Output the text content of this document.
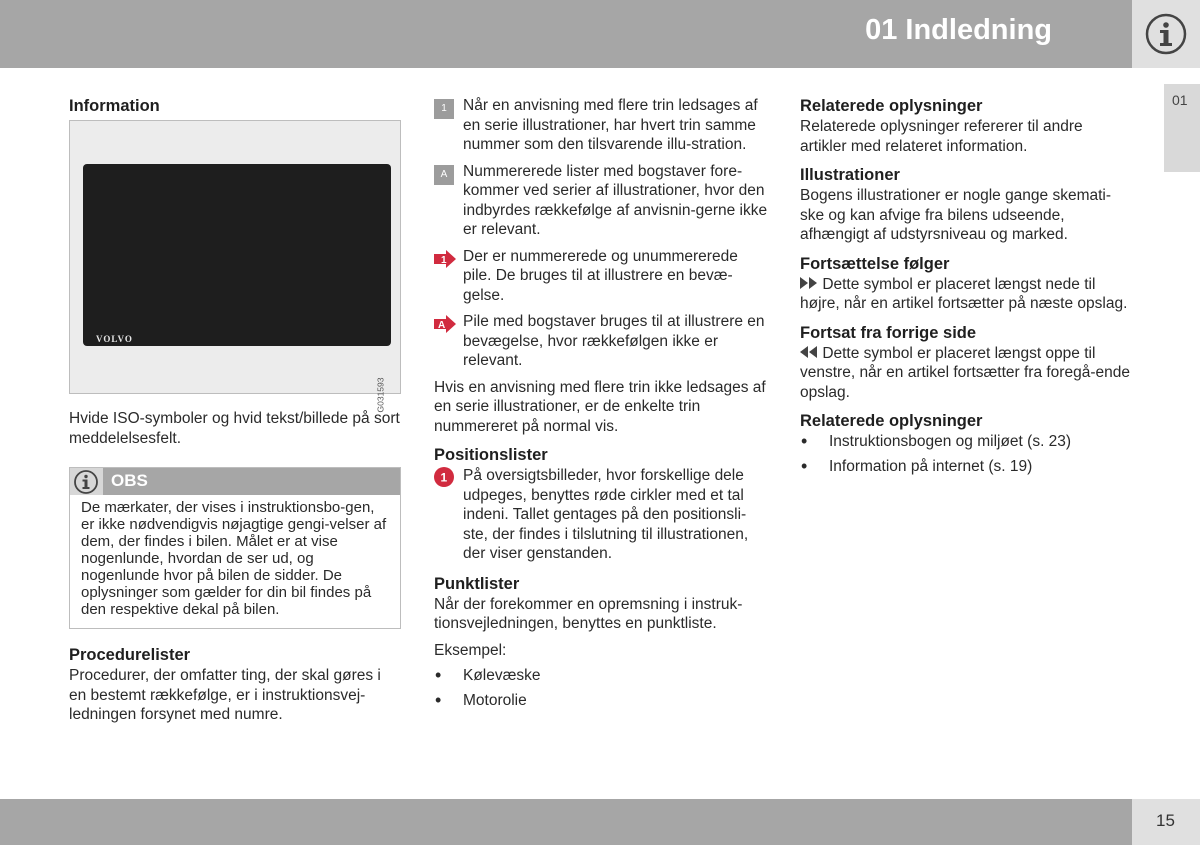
01 Indledning
01
Information
VOLVO
G031593

Hvide ISO-symboler og hvid tekst/billede på sort meddelelsesfelt.

OBS
De mærkater, der vises i instruktionsbo-gen, er ikke nødvendigvis nøjagtige gengi-velser af dem, der findes i bilen. Målet er at vise nogenlunde, hvordan de ser ud, og nogenlunde hvor på bilen de sidder. De oplysninger som gælder for din bil findes på den respektive dekal på bilen.
Procedurelister

Procedurer, der omfatter ting, der skal gøres i en bestemt rækkefølge, er i instruktionsvej-ledningen forsynet med numre.

1	Når en anvisning med flere trin ledsages af en serie illustrationer, har hvert trin samme nummer som den tilsvarende illu-stration.
A	Nummererede lister med bogstaver fore-kommer ved serier af illustrationer, hvor den indbyrdes rækkefølge af anvisnin-gerne ikke er relevant.
1 Der er nummererede og unummererede pile. De bruges til at illustrere en bevæ-gelse.
A Pile med bogstaver bruges til at illustrere en bevægelse, hvor rækkefølgen ikke er relevant.

Hvis en anvisning med flere trin ikke ledsages af en serie illustrationer, er de enkelte trin nummereret på normal vis.

Positionslister
1 På oversigtsbilleder, hvor forskellige dele udpeges, benyttes røde cirkler med et tal indeni. Tallet gentages på den positionsli-ste, der findes i tilslutning til illustrationen, der viser genstanden.
Punktlister

Når der forekommer en opremsning i instruk-tionsvejledningen, benyttes en punktliste.

Eksempel:

• Kølevæske
• Motorolie
Relaterede oplysninger

Relaterede oplysninger refererer til andre artikler med relateret information.

Illustrationer

Bogens illustrationer er nogle gange skemati-ske og kan afvige fra bilens udseende, afhængigt af udstyrsniveau og marked.

Fortsættelse følger

Dette symbol er placeret længst nede til højre, når en artikel fortsætter på næste opslag.

Fortsat fra forrige side

Dette symbol er placeret længst oppe til venstre, når en artikel fortsætter fra foregå-ende opslag.

Relaterede oplysninger
• Instruktionsbogen og miljøet (s. 23)
• Information på internet (s. 19)
15
